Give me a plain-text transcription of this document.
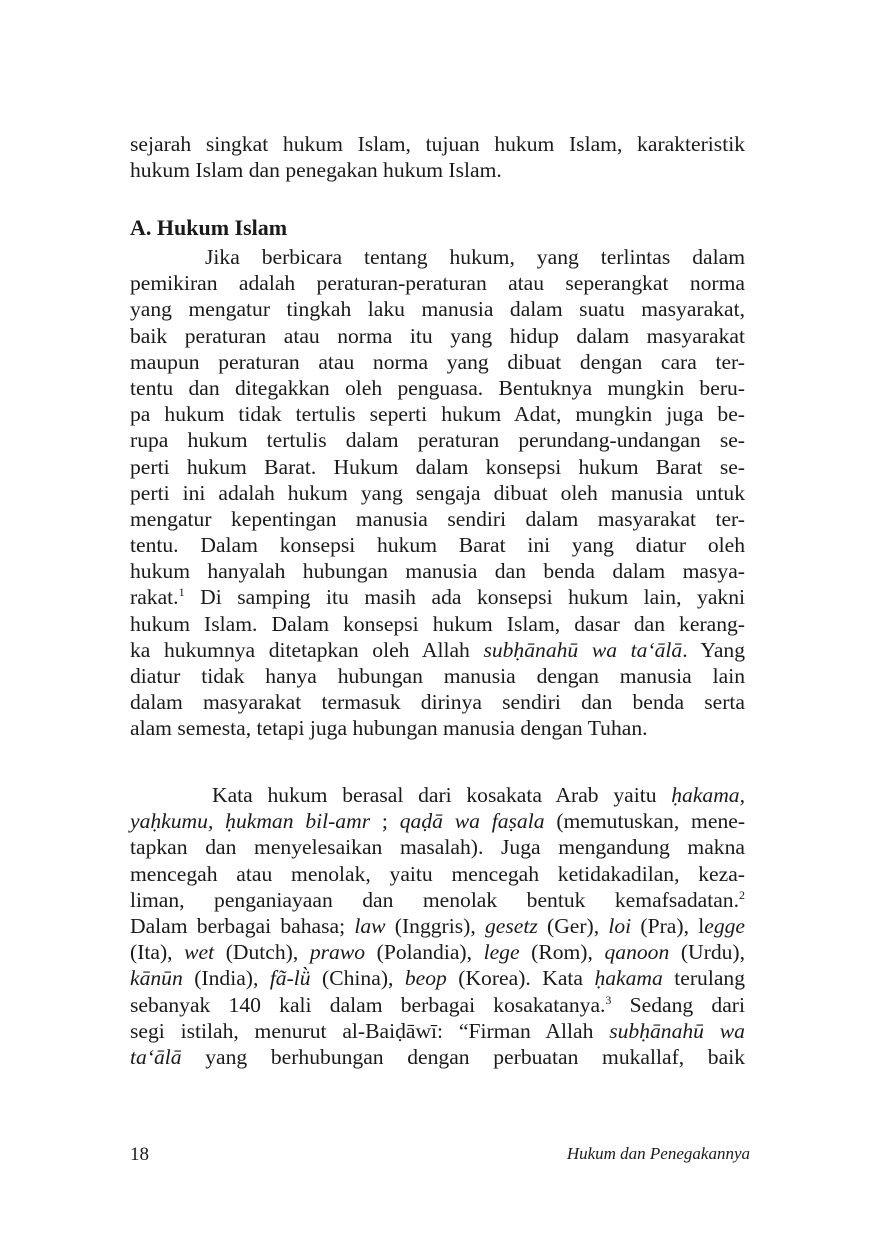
sejarah singkat hukum Islam, tujuan hukum Islam, karakteristik
hukum Islam dan penegakan hukum Islam.
A. Hukum Islam
Jika berbicara tentang hukum, yang terlintas dalam
pemikiran adalah peraturan-peraturan atau seperangkat norma
yang mengatur tingkah laku manusia dalam suatu masyarakat,
baik peraturan atau norma itu yang hidup dalam masyarakat
maupun peraturan atau norma yang dibuat dengan cara ter-
tentu dan ditegakkan oleh penguasa. Bentuknya mungkin beru-
pa hukum tidak tertulis seperti hukum Adat, mungkin juga be-
rupa hukum tertulis dalam peraturan perundang-undangan se-
perti hukum Barat. Hukum dalam konsepsi hukum Barat se-
perti ini adalah hukum yang sengaja dibuat oleh manusia untuk
mengatur kepentingan manusia sendiri dalam masyarakat ter-
tentu. Dalam konsepsi hukum Barat ini yang diatur oleh
hukum hanyalah hubungan manusia dan benda dalam masya-
rakat.$^1$ Di samping itu masih ada konsepsi hukum lain, yakni
hukum Islam. Dalam konsepsi hukum Islam, dasar dan kerang-
ka hukumnya ditetapkan oleh Allah subḥānahū wa ta‘ālā. Yang
diatur tidak hanya hubungan manusia dengan manusia lain
dalam masyarakat termasuk dirinya sendiri dan benda serta
alam semesta, tetapi juga hubungan manusia dengan Tuhan.
Kata hukum berasal dari kosakata Arab yaitu ḥakama,
yaḥkumu, ḥukman bil-amr ; qaḍā wa faṣala (memutuskan, mene-
tapkan dan menyelesaikan masalah). Juga mengandung makna
mencegah atau menolak, yaitu mencegah ketidakadilan, keza-
liman, penganiayaan dan menolak bentuk kemafsadatan.$^2$
Dalam berbagai bahasa; law (Inggris), gesetz (Ger), loi (Pra), legge
(Ita), wet (Dutch), prawo (Polandia), lege (Rom), qanoon (Urdu),
kānūn (India), fã-lǜ (China), beop (Korea). Kata ḥakama terulang
sebanyak 140 kali dalam berbagai kosakatanya.$^3$ Sedang dari
segi istilah, menurut al-Baiḍāwī: “Firman Allah subḥānahū wa
ta‘ālā yang berhubungan dengan perbuatan mukallaf, baik
18	Hukum dan Penegakannya
